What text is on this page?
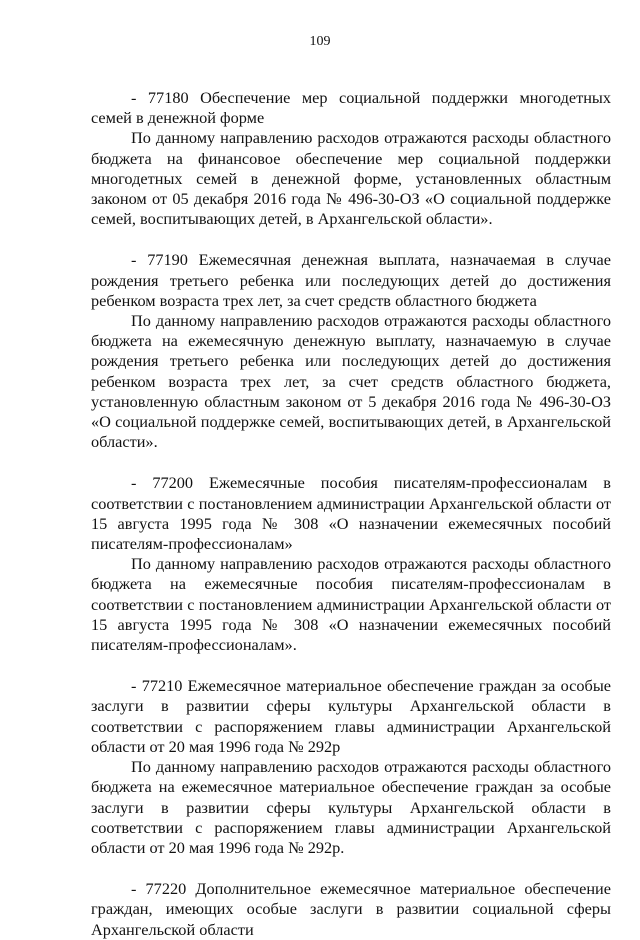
109

- 77180 Обеспечение мер социальной поддержки многодетных семей в денежной форме

По данному направлению расходов отражаются расходы областного бюджета на финансовое обеспечение мер социальной поддержки многодетных семей в денежной форме, установленных областным законом от 05 декабря 2016 года № 496-30-ОЗ «О социальной поддержке семей, воспитывающих детей, в Архангельской области».

- 77190 Ежемесячная денежная выплата, назначаемая в случае рождения третьего ребенка или последующих детей до достижения ребенком возраста трех лет, за счет средств областного бюджета

По данному направлению расходов отражаются расходы областного бюджета на ежемесячную денежную выплату, назначаемую в случае рождения третьего ребенка или последующих детей до достижения ребенком возраста трех лет, за счет средств областного бюджета, установленную областным законом от 5 декабря 2016 года № 496-30-ОЗ «О социальной поддержке семей, воспитывающих детей, в Архангельской области».

- 77200 Ежемесячные пособия писателям-профессионалам в соответствии с постановлением администрации Архангельской области от 15 августа 1995 года № 308 «О назначении ежемесячных пособий писателям-профессионалам»

По данному направлению расходов отражаются расходы областного бюджета на ежемесячные пособия писателям-профессионалам в соответствии с постановлением администрации Архангельской области от 15 августа 1995 года № 308 «О назначении ежемесячных пособий писателям-профессионалам».

- 77210 Ежемесячное материальное обеспечение граждан за особые заслуги в развитии сферы культуры Архангельской области в соответствии с распоряжением главы администрации Архангельской области от 20 мая 1996 года № 292р

По данному направлению расходов отражаются расходы областного бюджета на ежемесячное материальное обеспечение граждан за особые заслуги в развитии сферы культуры Архангельской области в соответствии с распоряжением главы администрации Архангельской области от 20 мая 1996 года № 292р.

- 77220 Дополнительное ежемесячное материальное обеспечение граждан, имеющих особые заслуги в развитии социальной сферы Архангельской области
